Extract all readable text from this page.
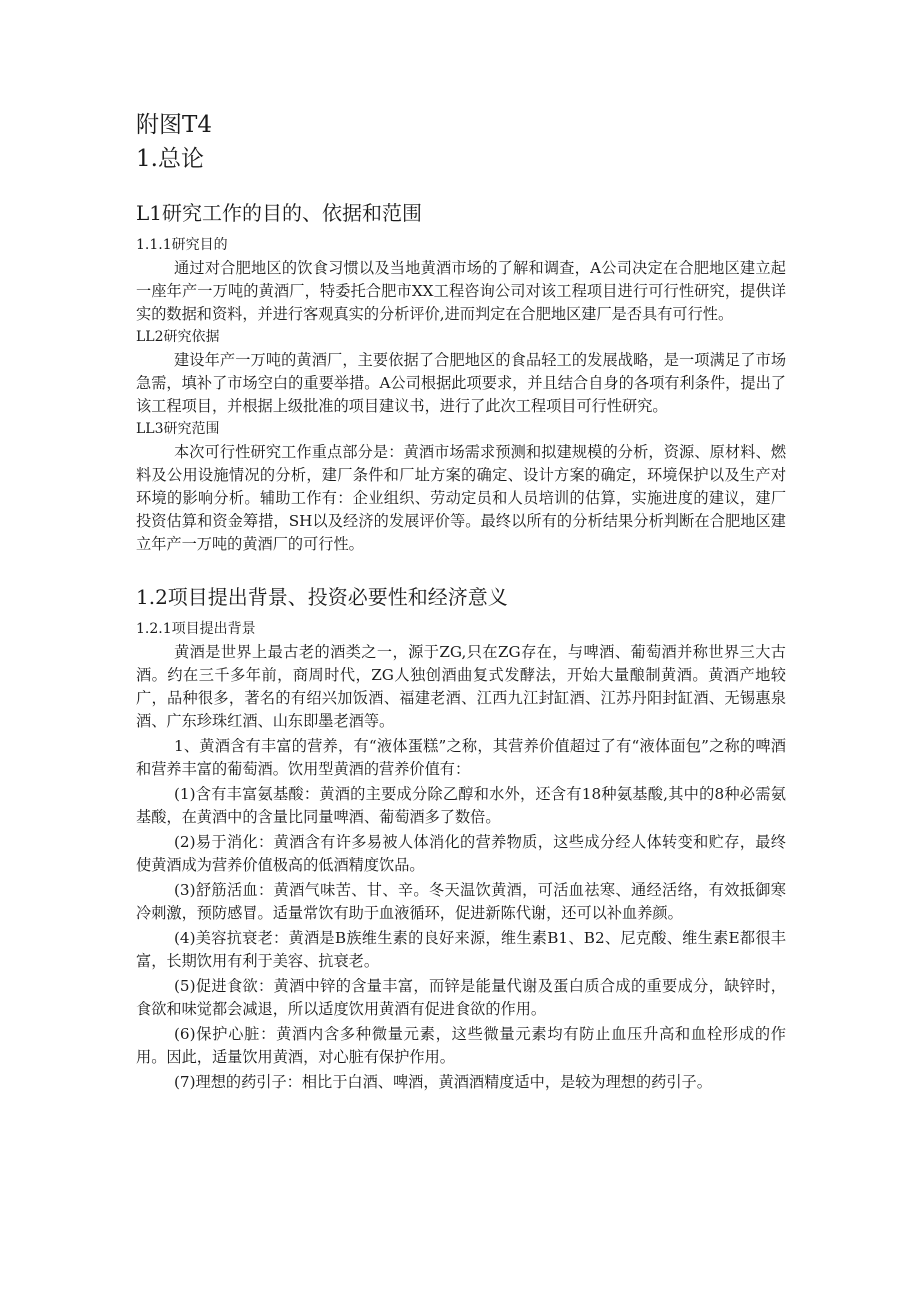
附图T4
1.总论
L1研究工作的目的、依据和范围
1.1.1研究目的

通过对合肥地区的饮食习惯以及当地黄酒市场的了解和调查，A公司决定在合肥地区建立起一座年产一万吨的黄酒厂，特委托合肥市XX工程咨询公司对该工程项目进行可行性研究，提供详实的数据和资料，并进行客观真实的分析评价,进而判定在合肥地区建厂是否具有可行性。

LL2研究依据

建设年产一万吨的黄酒厂，主要依据了合肥地区的食品轻工的发展战略，是一项满足了市场急需，填补了市场空白的重要举措。A公司根据此项要求，并且结合自身的各项有利条件，提出了该工程项目，并根据上级批准的项目建议书，进行了此次工程项目可行性研究。

LL3研究范围

本次可行性研究工作重点部分是：黄酒市场需求预测和拟建规模的分析，资源、原材料、燃料及公用设施情况的分析，建厂条件和厂址方案的确定、设计方案的确定，环境保护以及生产对环境的影响分析。辅助工作有：企业组织、劳动定员和人员培训的估算，实施进度的建议，建厂投资估算和资金筹措，SH以及经济的发展评价等。最终以所有的分析结果分析判断在合肥地区建立年产一万吨的黄酒厂的可行性。

1.2项目提出背景、投资必要性和经济意义
1.2.1项目提出背景

黄酒是世界上最古老的酒类之一，源于ZG,只在ZG存在，与啤酒、葡萄酒并称世界三大古酒。约在三千多年前，商周时代，ZG人独创酒曲复式发酵法，开始大量酿制黄酒。黄酒产地较广，品种很多，著名的有绍兴加饭酒、福建老酒、江西九江封缸酒、江苏丹阳封缸酒、无锡惠泉酒、广东珍珠红酒、山东即墨老酒等。

1、黄酒含有丰富的营养，有“液体蛋糕”之称，其营养价值超过了有“液体面包”之称的啤酒和营养丰富的葡萄酒。饮用型黄酒的营养价值有：

(1)含有丰富氨基酸：黄酒的主要成分除乙醇和水外，还含有18种氨基酸,其中的8种必需氨基酸，在黄酒中的含量比同量啤酒、葡萄酒多了数倍。

(2)易于消化：黄酒含有许多易被人体消化的营养物质，这些成分经人体转变和贮存，最终使黄酒成为营养价值极高的低酒精度饮品。

(3)舒筋活血：黄酒气味苦、甘、辛。冬天温饮黄酒，可活血祛寒、通经活络，有效抵御寒冷刺激，预防感冒。适量常饮有助于血液循环，促进新陈代谢，还可以补血养颜。

(4)美容抗衰老：黄酒是B族维生素的良好来源，维生素B1、B2、尼克酸、维生素E都很丰富，长期饮用有利于美容、抗衰老。

(5)促进食欲：黄酒中锌的含量丰富，而锌是能量代谢及蛋白质合成的重要成分，缺锌时，食欲和味觉都会减退，所以适度饮用黄酒有促进食欲的作用。

(6)保护心脏：黄酒内含多种微量元素，这些微量元素均有防止血压升高和血栓形成的作用。因此，适量饮用黄酒，对心脏有保护作用。

(7)理想的药引子：相比于白酒、啤酒，黄酒酒精度适中，是较为理想的药引子。
